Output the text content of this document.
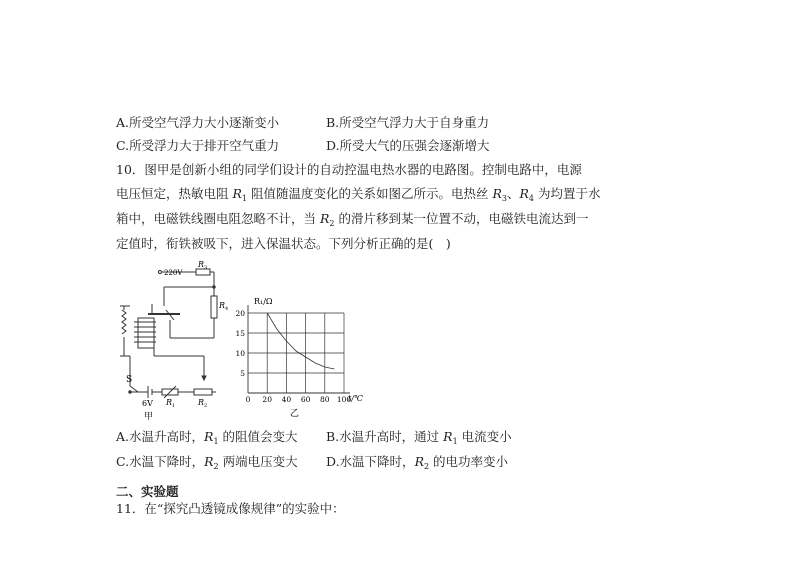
A.所受空气浮力大小逐渐变小	B.所受空气浮力大于自身重力
C.所受浮力大于排开空气重力	D.所受大气的压强会逐渐增大
10．图甲是创新小组的同学们设计的自动控温电热水器的电路图。控制电路中，电源
电压恒定，热敏电阻 $R_1$ 阻值随温度变化的关系如图乙所示。电热丝 $R_3$、$R_4$ 为均置于水
箱中，电磁铁线圈电阻忽略不计，当 $R_2$ 的滑片移到某一位置不动，电磁铁电流达到一
定值时，衔铁被吸下，进入保温状态。下列分析正确的是(　)
220V
R 3
R 4
S
6V R 1	R 2
甲
0 20 40 60 80 100
5
10
15
20
R₁/Ω
t/℃
乙
A.水温升高时，$R_1$ 的阻值会变大 B.水温升高时，通过 $R_1$ 电流变小
C.水温下降时，$R_2$ 两端电压变大 D.水温下降时，$R_2$ 的电功率变小
二、实验题
11．在“探究凸透镜成像规律”的实验中：
